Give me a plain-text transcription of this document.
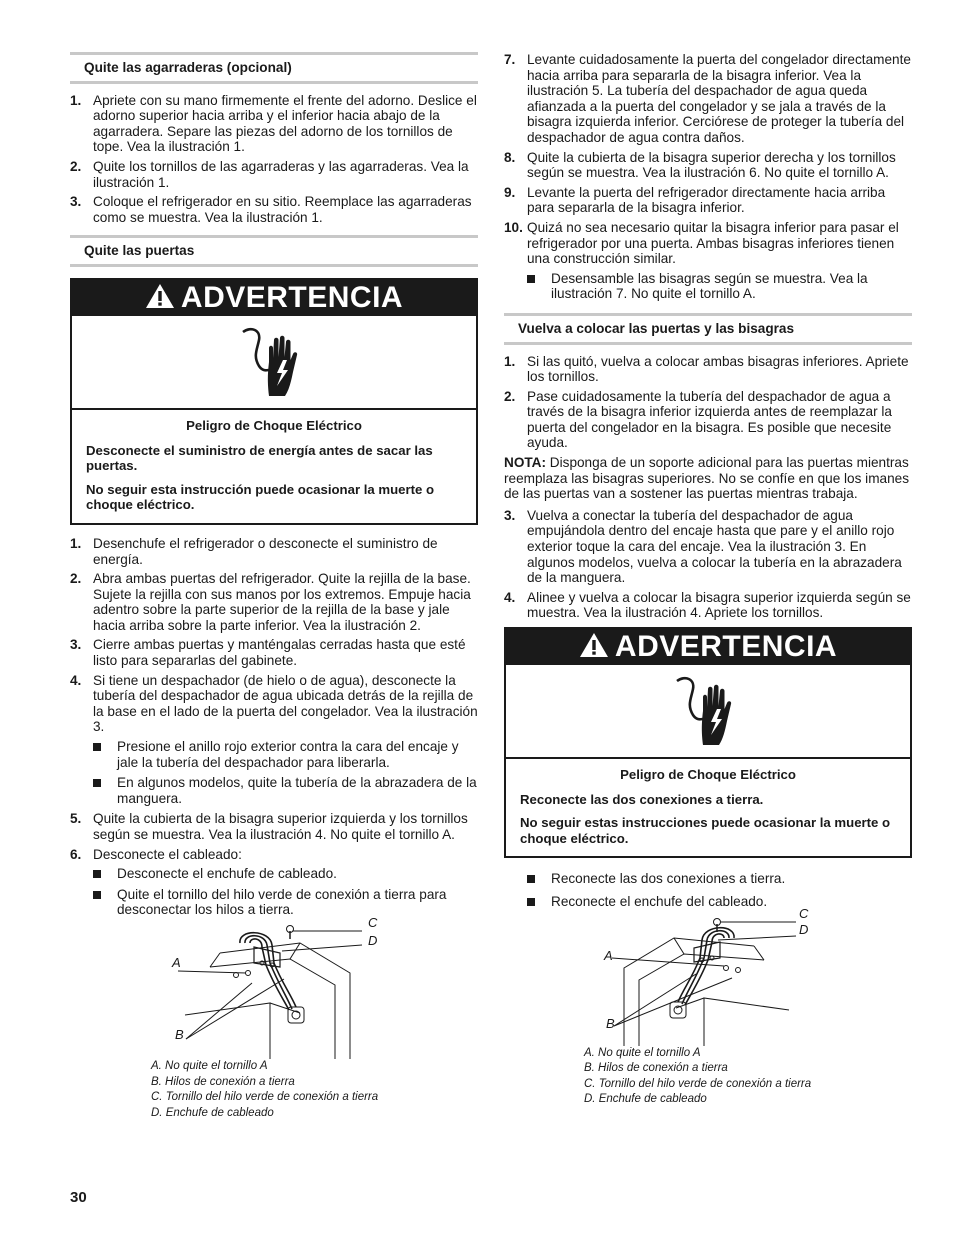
Quite las agarraderas (opcional)
1. Apriete con su mano firmemente el frente del adorno. Deslice el adorno superior hacia arriba y el inferior hacia abajo de la agarradera. Separe las piezas del adorno de los tornillos de tope. Vea la ilustración 1.
2. Quite los tornillos de las agarraderas y las agarraderas. Vea la ilustración 1.
3. Coloque el refrigerador en su sitio. Reemplace las agarraderas como se muestra. Vea la ilustración 1.
Quite las puertas
ADVERTENCIA
Peligro de Choque Eléctrico

Desconecte el suministro de energía antes de sacar las puertas.

No seguir esta instrucción puede ocasionar la muerte o choque eléctrico.

1. Desenchufe el refrigerador o desconecte el suministro de energía.
2. Abra ambas puertas del refrigerador. Quite la rejilla de la base. Sujete la rejilla con sus manos por los extremos. Empuje hacia adentro sobre la parte superior de la rejilla de la base y jale hacia arriba sobre la parte inferior. Vea la ilustración 2.
3. Cierre ambas puertas y manténgalas cerradas hasta que esté listo para separarlas del gabinete.
4. Si tiene un despachador (de hielo o de agua), desconecte la tubería del despachador de agua ubicada detrás de la rejilla de la base en el lado de la puerta del congelador. Vea la ilustración 3.
Presione el anillo rojo exterior contra la cara del encaje y jale la tubería del despachador para liberarla.
En algunos modelos, quite la tubería de la abrazadera de la manguera.
5. Quite la cubierta de la bisagra superior izquierda y los tornillos según se muestra. Vea la ilustración 4. No quite el tornillo A.
6. Desconecte el cableado:
Desconecte el enchufe de cableado.
Quite el tornillo del hilo verde de conexión a tierra para desconectar los hilos a tierra.
A
B
C
D
A. No quite el tornillo A
B. Hilos de conexión a tierra
C. Tornillo del hilo verde de conexión a tierra
D. Enchufe de cableado
7. Levante cuidadosamente la puerta del congelador directamente hacia arriba para separarla de la bisagra inferior. Vea la ilustración 5. La tubería del despachador de agua queda afianzada a la puerta del congelador y se jala a través de la bisagra izquierda inferior. Cerciórese de proteger la tubería del despachador de agua contra daños.
8. Quite la cubierta de la bisagra superior derecha y los tornillos según se muestra. Vea la ilustración 6. No quite el tornillo A.
9. Levante la puerta del refrigerador directamente hacia arriba para separarla de la bisagra inferior.
10. Quizá no sea necesario quitar la bisagra inferior para pasar el refrigerador por una puerta. Ambas bisagras inferiores tienen una construcción similar.
Desensamble las bisagras según se muestra. Vea la ilustración 7. No quite el tornillo A.
Vuelva a colocar las puertas y las bisagras
1. Si las quitó, vuelva a colocar ambas bisagras inferiores. Apriete los tornillos.
2. Pase cuidadosamente la tubería del despachador de agua a través de la bisagra inferior izquierda antes de reemplazar la puerta del congelador en la bisagra. Es posible que necesite ayuda.
NOTA: Disponga de un soporte adicional para las puertas mientras reemplaza las bisagras superiores. No se confíe en que los imanes de las puertas van a sostener las puertas mientras trabaja.
3. Vuelva a conectar la tubería del despachador de agua empujándola dentro del encaje hasta que pare y el anillo rojo exterior toque la cara del encaje. Vea la ilustración 3. En algunos modelos, vuelva a colocar la tubería en la abrazadera de la manguera.
4. Alinee y vuelva a colocar la bisagra superior izquierda según se muestra. Vea la ilustración 4. Apriete los tornillos.
ADVERTENCIA
Peligro de Choque Eléctrico

Reconecte las dos conexiones a tierra.

No seguir estas instrucciones puede ocasionar la muerte o choque eléctrico.

Reconecte las dos conexiones a tierra.
Reconecte el enchufe del cableado.
A
B
C
D
A. No quite el tornillo A
B. Hilos de conexión a tierra
C. Tornillo del hilo verde de conexión a tierra
D. Enchufe de cableado
30
